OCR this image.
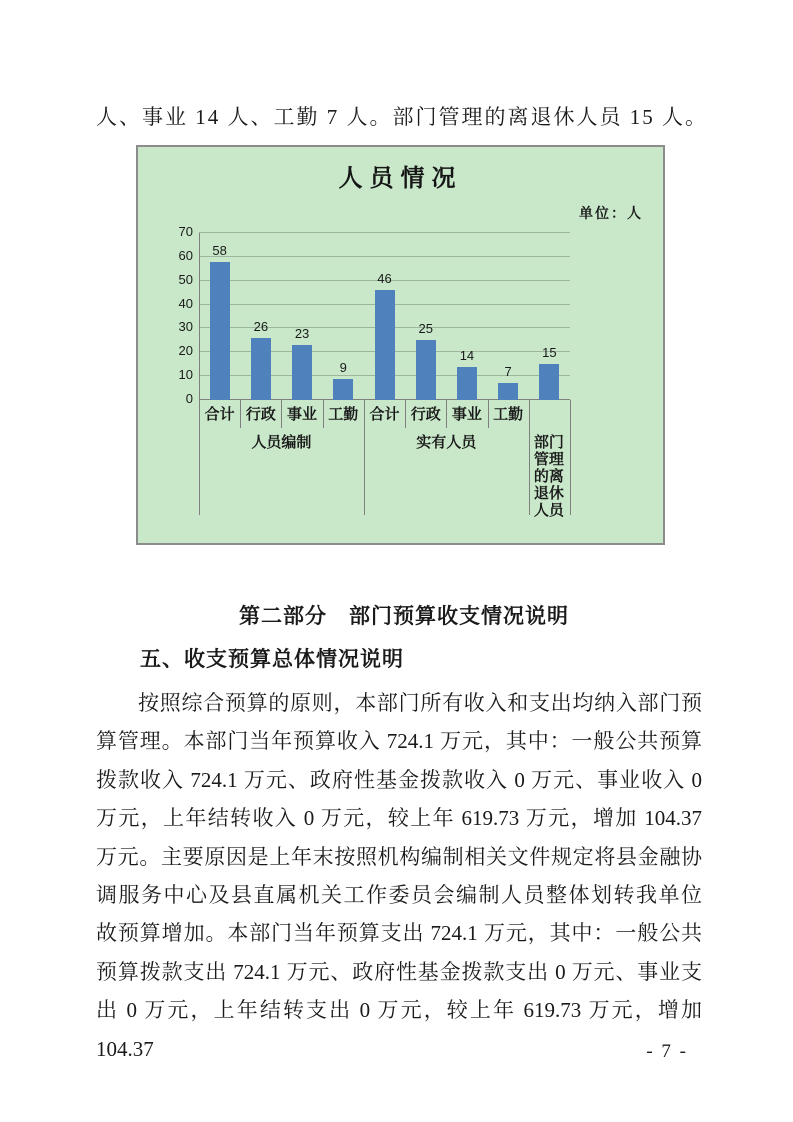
人、事业 14 人、工勤 7 人。部门管理的离退休人员 15 人。
人员情况
单位：人
0
10
20
30
40
50
60
70
58
26	23
9
46
25
14
7
15
合计 行政 事业 工勤 合计 行政 事业 工勤
人员编制	实有人员	部门管理的离退休人员
第二部分　部门预算收支情况说明
五、收支预算总体情况说明
按照综合预算的原则，本部门所有收入和支出均纳入部门预
算管理。本部门当年预算收入 724.1 万元，其中：一般公共预算
拨款收入 724.1 万元、政府性基金拨款收入 0 万元、事业收入 0
万元，上年结转收入 0 万元，较上年 619.73 万元，增加 104.37
万元。主要原因是上年末按照机构编制相关文件规定将县金融协
调服务中心及县直属机关工作委员会编制人员整体划转我单位
故预算增加。本部门当年预算支出 724.1 万元，其中：一般公共
预算拨款支出 724.1 万元、政府性基金拨款支出 0 万元、事业支
出 0 万元，上年结转支出 0 万元，较上年 619.73 万元，增加 104.37	- 7 -
